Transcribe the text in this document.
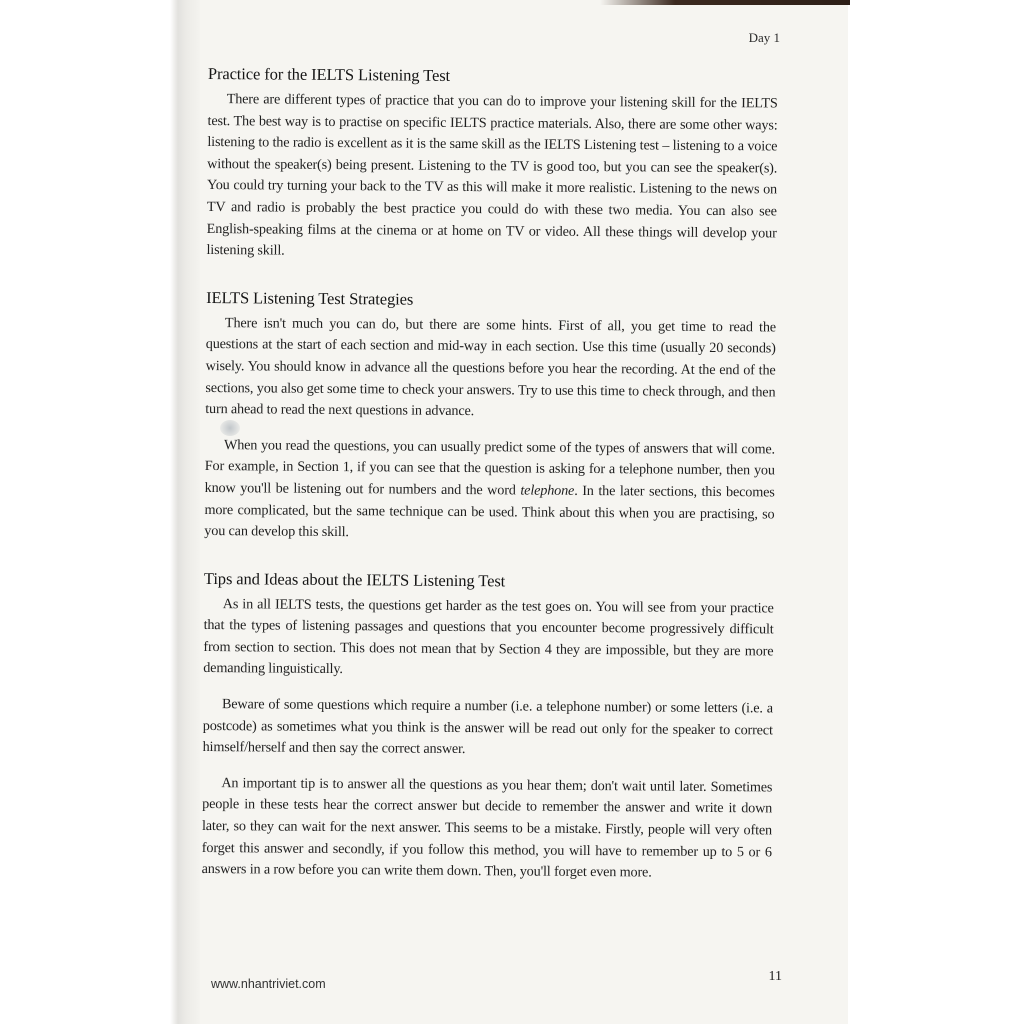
Day 1
Practice for the IELTS Listening Test

There are different types of practice that you can do to improve your listening skill for the IELTS test. The best way is to practise on specific IELTS practice materials. Also, there are some other ways: listening to the radio is excellent as it is the same skill as the IELTS Listening test – listening to a voice without the speaker(s) being present. Listening to the TV is good too, but you can see the speaker(s). You could try turning your back to the TV as this will make it more realistic. Listening to the news on TV and radio is probably the best practice you could do with these two media. You can also see English-speaking films at the cinema or at home on TV or video. All these things will develop your listening skill.

IELTS Listening Test Strategies

There isn't much you can do, but there are some hints. First of all, you get time to read the questions at the start of each section and mid-way in each section. Use this time (usually 20 seconds) wisely. You should know in advance all the questions before you hear the recording. At the end of the sections, you also get some time to check your answers. Try to use this time to check through, and then turn ahead to read the next questions in advance.

When you read the questions, you can usually predict some of the types of answers that will come. For example, in Section 1, if you can see that the question is asking for a telephone number, then you know you'll be listening out for numbers and the word telephone. In the later sections, this becomes more complicated, but the same technique can be used. Think about this when you are practising, so you can develop this skill.

Tips and Ideas about the IELTS Listening Test

As in all IELTS tests, the questions get harder as the test goes on. You will see from your practice that the types of listening passages and questions that you encounter become progressively difficult from section to section. This does not mean that by Section 4 they are impossible, but they are more demanding linguistically.

Beware of some questions which require a number (i.e. a telephone number) or some letters (i.e. a postcode) as sometimes what you think is the answer will be read out only for the speaker to correct himself/herself and then say the correct answer.

An important tip is to answer all the questions as you hear them; don't wait until later. Sometimes people in these tests hear the correct answer but decide to remember the answer and write it down later, so they can wait for the next answer. This seems to be a mistake. Firstly, people will very often forget this answer and secondly, if you follow this method, you will have to remember up to 5 or 6 answers in a row before you can write them down. Then, you'll forget even more.

www.nhantriviet.com	11
